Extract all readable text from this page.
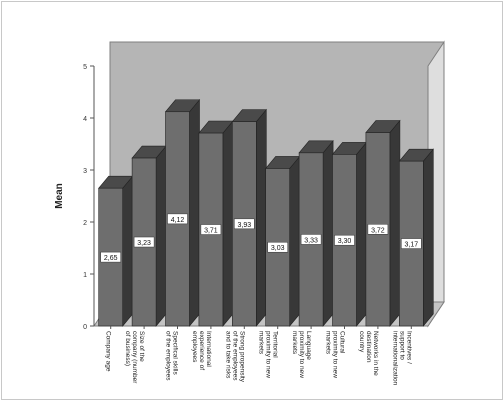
0
1
2
3
4
5
Mean
2,65
Company age
3,23
Size of thecompany (numberof business)
4,12
Specifical skillsof the employees
3,71
Internationalexperience ofemployees
3,93
Strong propensityof the employeesand to take risks
3,03
Territorialproximity to newmarkets
3,33
Languageproximity to newmarkets
3,30
Culturalproximity to newmarkets
3,72
Networks in thedestinationcountry
3,17
Incentives /support tointernationalization
